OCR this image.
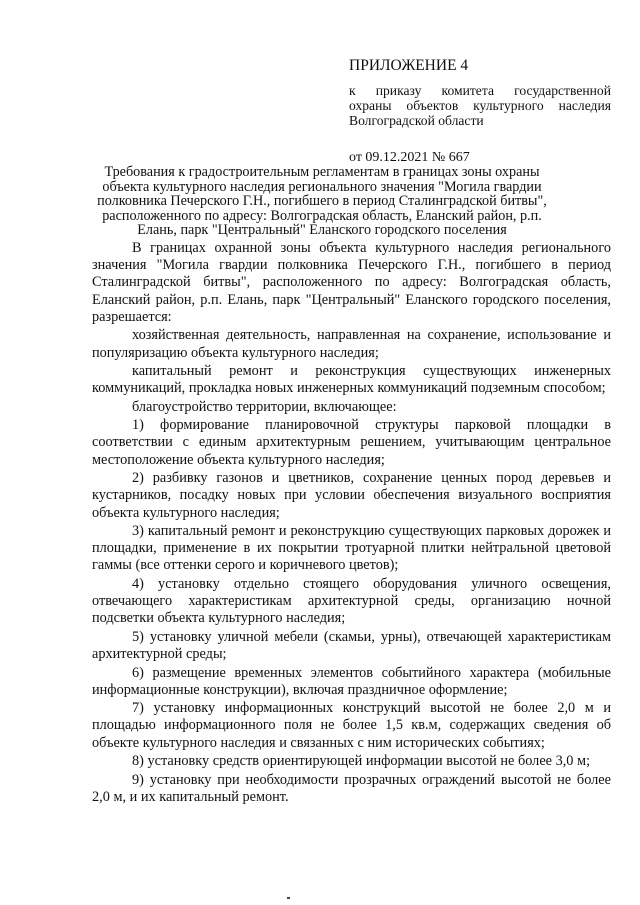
ПРИЛОЖЕНИЕ 4
к приказу комитета государственной
охраны объектов культурного наследия
Волгоградской области
от 09.12.2021 № 667
Требования к градостроительным регламентам в границах зоны охраны объекта культурного наследия регионального значения "Могила гвардии полковника Печерского Г.Н., погибшего в период Сталинградской битвы", расположенного по адресу: Волгоградская область, Еланский район, р.п. Елань, парк "Центральный" Еланского городского поселения

В границах охранной зоны объекта культурного наследия регионального значения "Могила гвардии полковника Печерского Г.Н., погибшего в период Сталинградской битвы", расположенного по адресу: Волгоградская область, Еланский район, р.п. Елань, парк "Центральный" Еланского городского поселения, разрешается:

хозяйственная деятельность, направленная на сохранение, использование и популяризацию объекта культурного наследия;

капитальный ремонт и реконструкция существующих инженерных коммуникаций, прокладка новых инженерных коммуникаций подземным способом;

благоустройство территории, включающее:

1) формирование планировочной структуры парковой площадки в соответствии с единым архитектурным решением, учитывающим центральное местоположение объекта культурного наследия;

2) разбивку газонов и цветников, сохранение ценных пород деревьев и кустарников, посадку новых при условии обеспечения визуального восприятия объекта культурного наследия;

3) капитальный ремонт и реконструкцию существующих парковых дорожек и площадки, применение в их покрытии тротуарной плитки нейтральной цветовой гаммы (все оттенки серого и коричневого цветов);

4) установку отдельно стоящего оборудования уличного освещения, отвечающего характеристикам архитектурной среды, организацию ночной подсветки объекта культурного наследия;

5) установку уличной мебели (скамьи, урны), отвечающей характеристикам архитектурной среды;

6) размещение временных элементов событийного характера (мобильные информационные конструкции), включая праздничное оформление;

7) установку информационных конструкций высотой не более 2,0 м и площадью информационного поля не более 1,5 кв.м, содержащих сведения об объекте культурного наследия и связанных с ним исторических событиях;

8) установку средств ориентирующей информации высотой не более 3,0 м;

9) установку при необходимости прозрачных ограждений высотой не более 2,0 м, и их капитальный ремонт.
